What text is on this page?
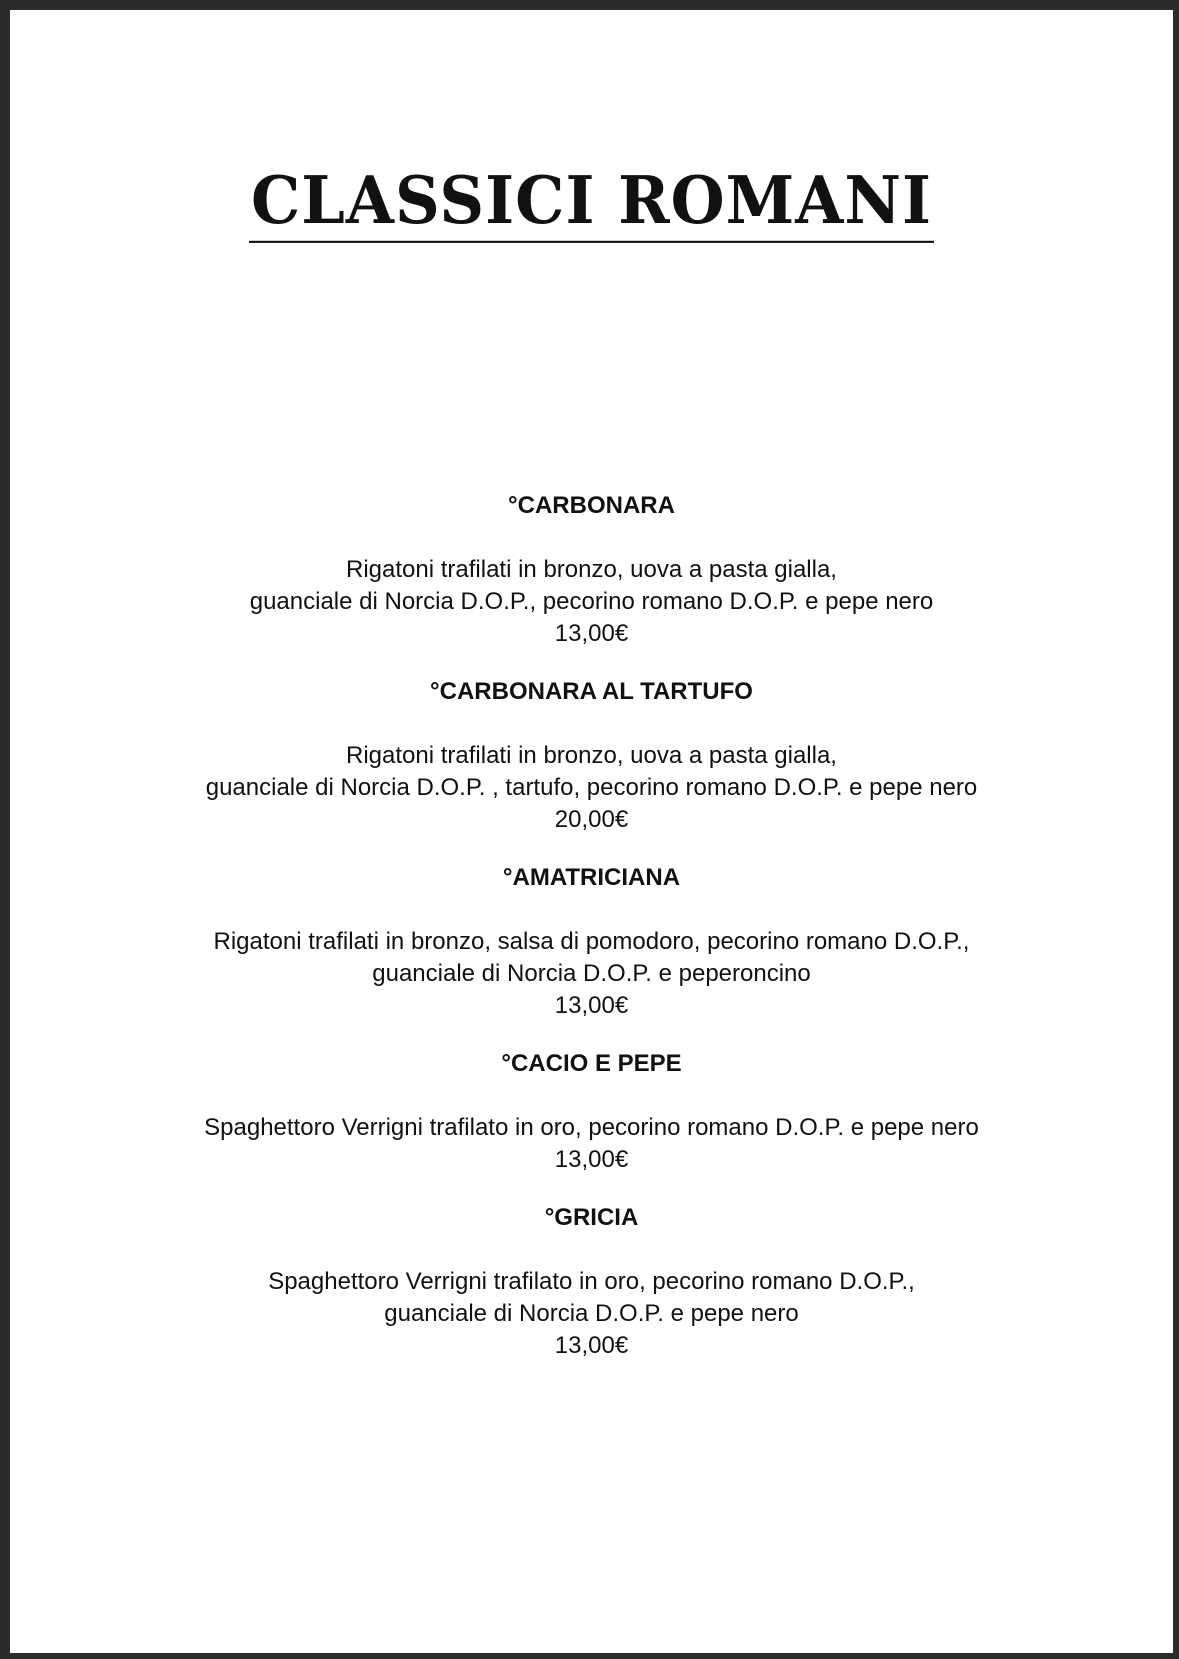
CLASSICI ROMANI

°CARBONARA

Rigatoni trafilati in bronzo, uova a pasta gialla,

guanciale di Norcia D.O.P., pecorino romano D.O.P. e pepe nero

13,00€

°CARBONARA AL TARTUFO

Rigatoni trafilati in bronzo, uova a pasta gialla,

guanciale di Norcia D.O.P. , tartufo, pecorino romano D.O.P. e pepe nero

20,00€

°AMATRICIANA

Rigatoni trafilati in bronzo, salsa di pomodoro, pecorino romano D.O.P.,

guanciale di Norcia D.O.P. e peperoncino

13,00€

°CACIO E PEPE

Spaghettoro Verrigni trafilato in oro, pecorino romano D.O.P. e pepe nero

13,00€

°GRICIA

Spaghettoro Verrigni trafilato in oro, pecorino romano D.O.P.,

guanciale di Norcia D.O.P. e pepe nero

13,00€
